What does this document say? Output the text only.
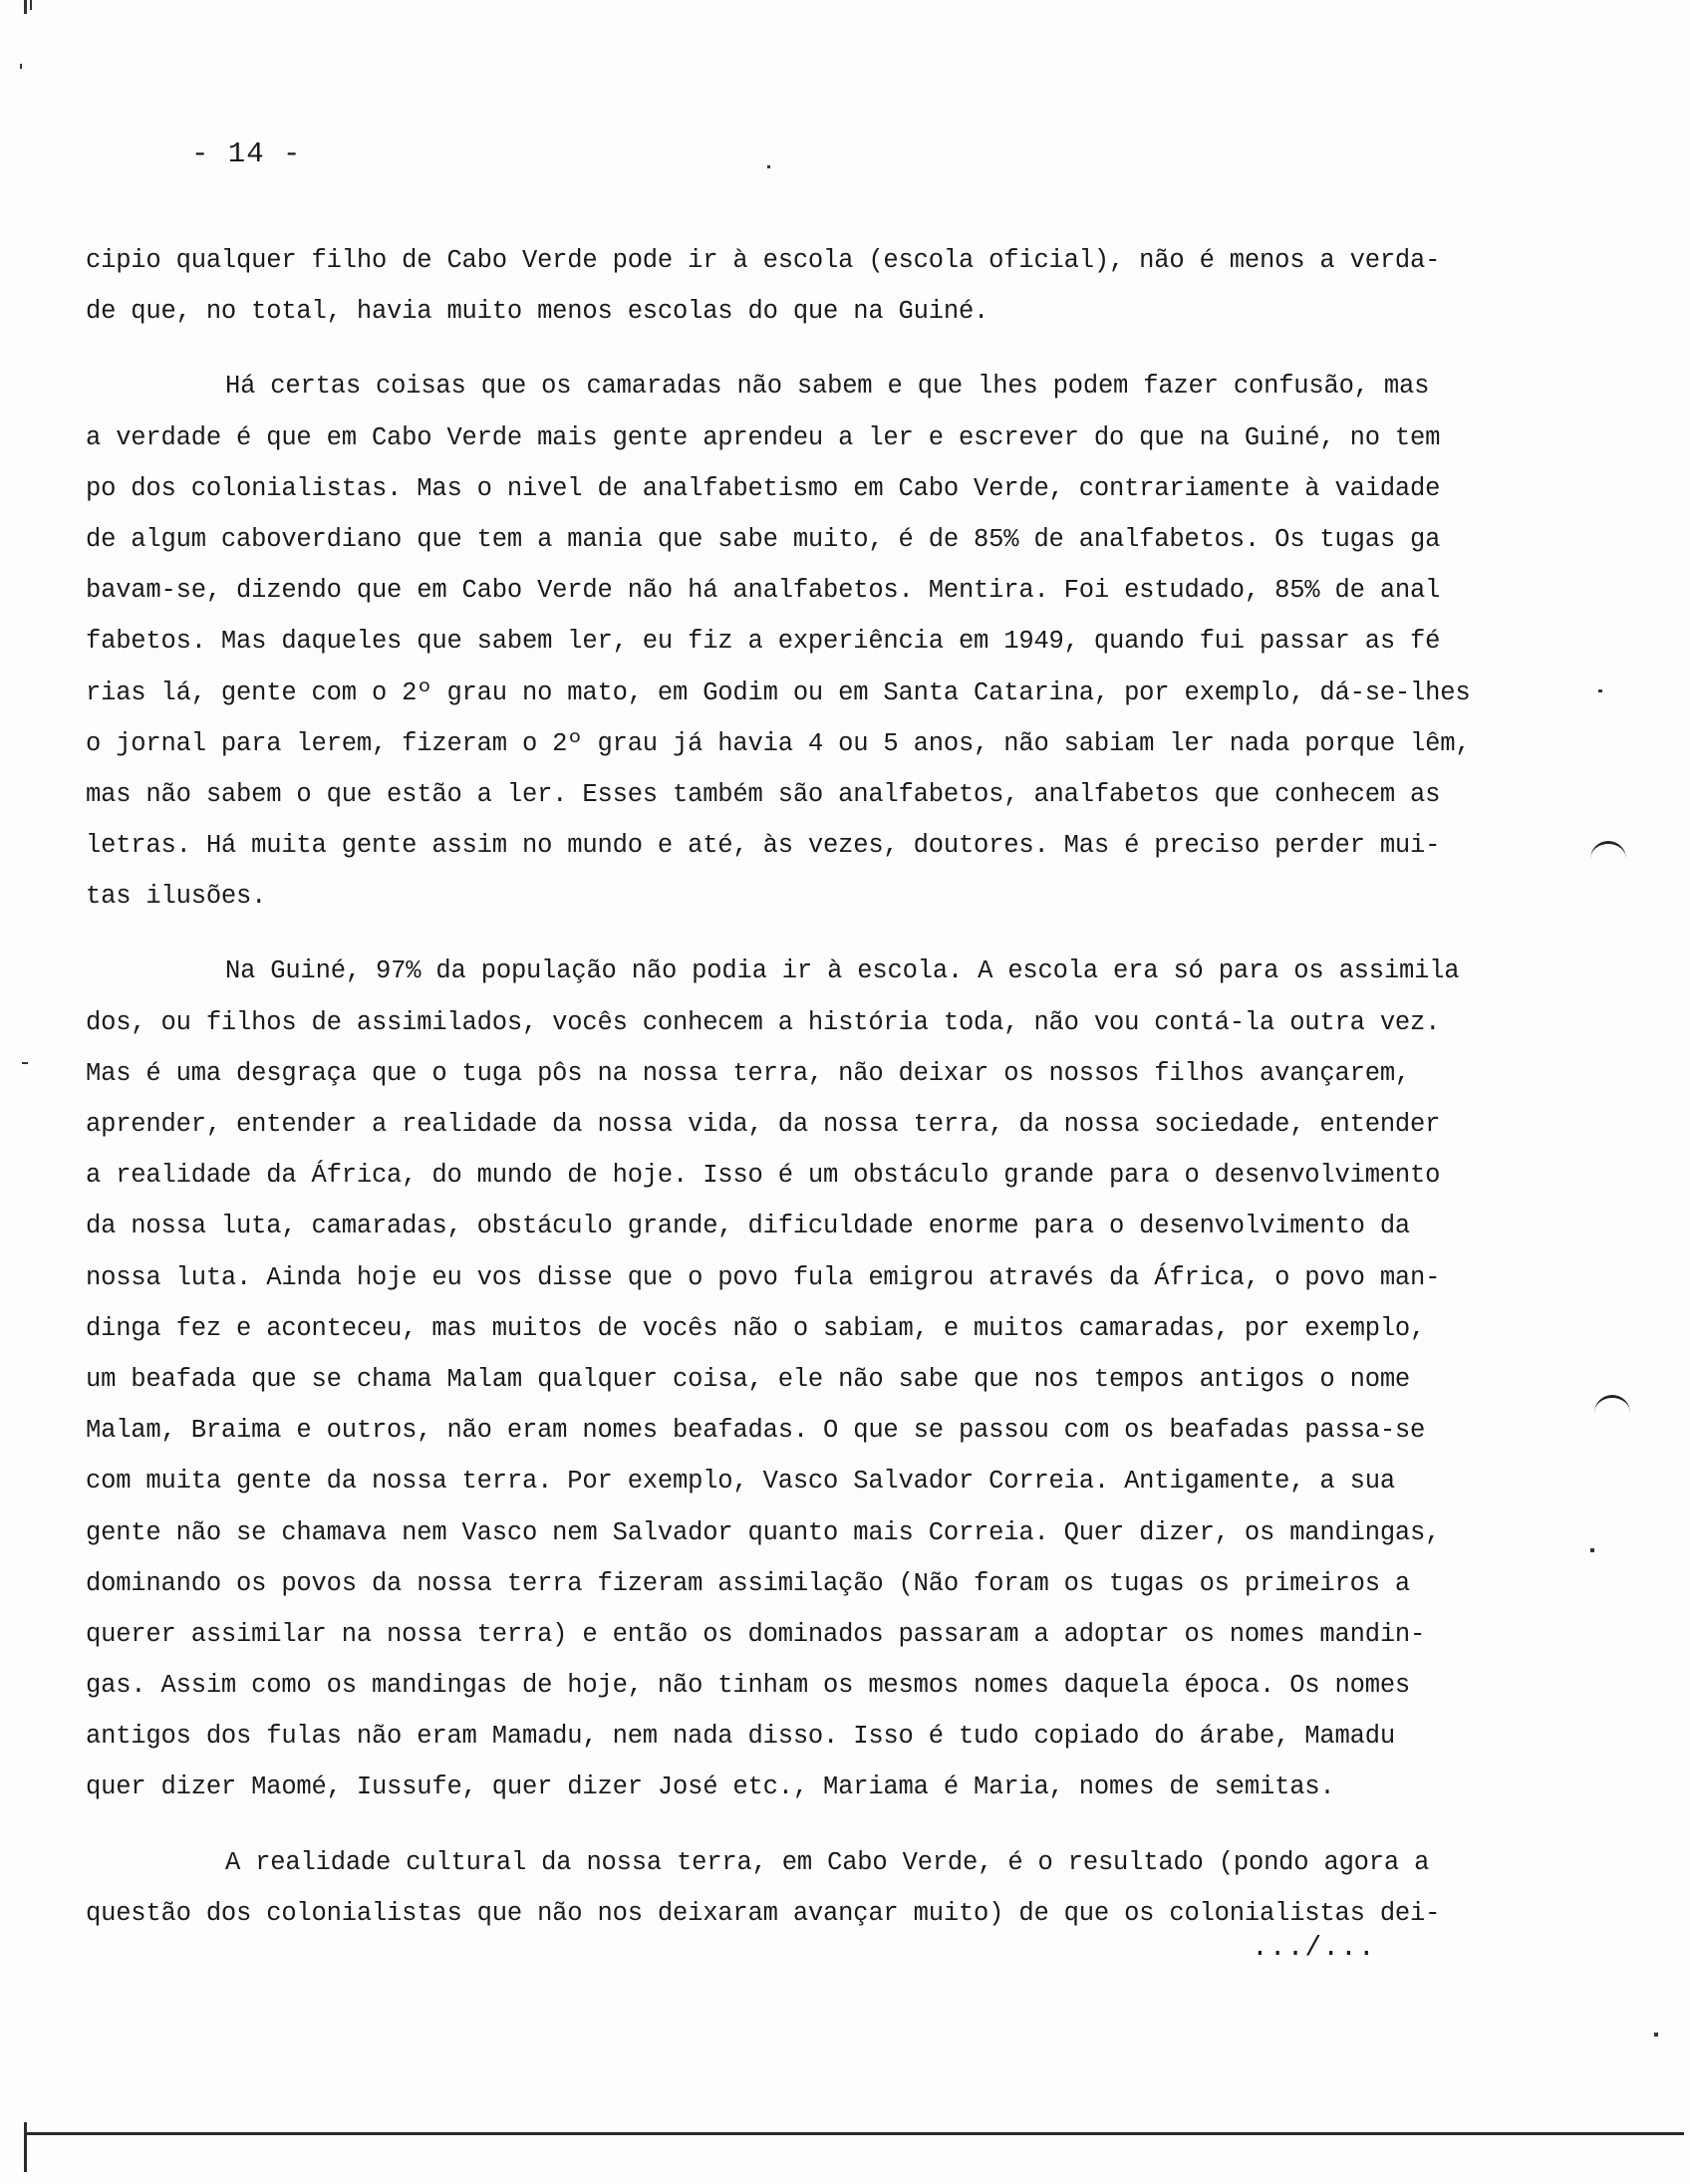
- 14 -
cipio qualquer filho de Cabo Verde pode ir à escola (escola oficial), não é menos a verda-
de que, no total, havia muito menos escolas do que na Guiné.
Há certas coisas que os camaradas não sabem e que lhes podem fazer confusão, mas
a verdade é que em Cabo Verde mais gente aprendeu a ler e escrever do que na Guiné, no tem
po dos colonialistas. Mas o nivel de analfabetismo em Cabo Verde, contrariamente à vaidade
de algum caboverdiano que tem a mania que sabe muito, é de 85% de analfabetos. Os tugas ga
bavam-se, dizendo que em Cabo Verde não há analfabetos. Mentira. Foi estudado, 85% de anal
fabetos. Mas daqueles que sabem ler, eu fiz a experiência em 1949, quando fui passar as fé
rias lá, gente com o 2º grau no mato, em Godim ou em Santa Catarina, por exemplo, dá-se-lhes
o jornal para lerem, fizeram o 2º grau já havia 4 ou 5 anos, não sabiam ler nada porque lêm,
mas não sabem o que estão a ler. Esses também são analfabetos, analfabetos que conhecem as
letras. Há muita gente assim no mundo e até, às vezes, doutores. Mas é preciso perder mui-
tas ilusões.
Na Guiné, 97% da população não podia ir à escola. A escola era só para os assimila
dos, ou filhos de assimilados, vocês conhecem a história toda, não vou contá-la outra vez.
Mas é uma desgraça que o tuga pôs na nossa terra, não deixar os nossos filhos avançarem,
aprender, entender a realidade da nossa vida, da nossa terra, da nossa sociedade, entender
a realidade da África, do mundo de hoje. Isso é um obstáculo grande para o desenvolvimento
da nossa luta, camaradas, obstáculo grande, dificuldade enorme para o desenvolvimento da
nossa luta. Ainda hoje eu vos disse que o povo fula emigrou através da África, o povo man-
dinga fez e aconteceu, mas muitos de vocês não o sabiam, e muitos camaradas, por exemplo,
um beafada que se chama Malam qualquer coisa, ele não sabe que nos tempos antigos o nome
Malam, Braima e outros, não eram nomes beafadas. O que se passou com os beafadas passa-se
com muita gente da nossa terra. Por exemplo, Vasco Salvador Correia. Antigamente, a sua
gente não se chamava nem Vasco nem Salvador quanto mais Correia. Quer dizer, os mandingas,
dominando os povos da nossa terra fizeram assimilação (Não foram os tugas os primeiros a
querer assimilar na nossa terra) e então os dominados passaram a adoptar os nomes mandin-
gas. Assim como os mandingas de hoje, não tinham os mesmos nomes daquela época. Os nomes
antigos dos fulas não eram Mamadu, nem nada disso. Isso é tudo copiado do árabe, Mamadu
quer dizer Maomé, Iussufe, quer dizer José etc., Mariama é Maria, nomes de semitas.
A realidade cultural da nossa terra, em Cabo Verde, é o resultado (pondo agora a
questão dos colonialistas que não nos deixaram avançar muito) de que os colonialistas dei-
.../...
